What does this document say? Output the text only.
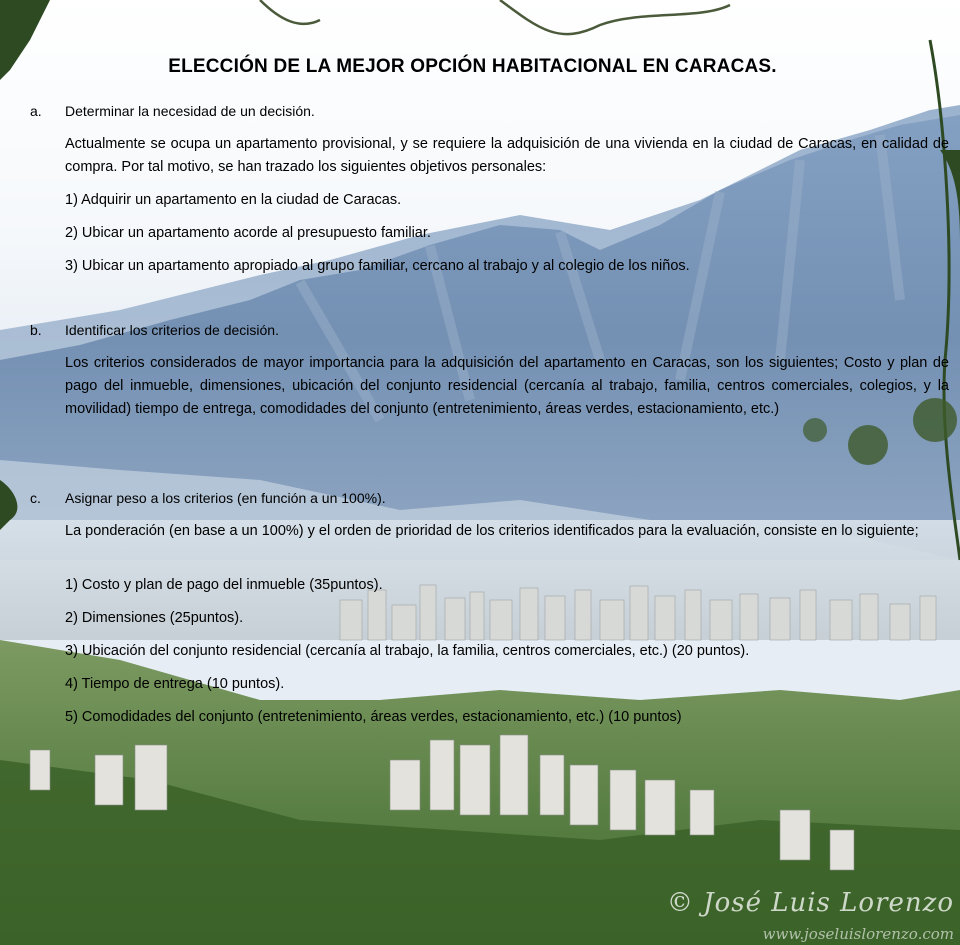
ELECCIÓN DE LA MEJOR OPCIÓN HABITACIONAL EN CARACAS.
a. Determinar la necesidad de un decisión.

Actualmente se ocupa un apartamento provisional, y se requiere la adquisición de una vivienda en la ciudad de Caracas, en calidad de compra. Por tal motivo, se han trazado los siguientes objetivos personales:

1) Adquirir un apartamento en la ciudad de Caracas.
2) Ubicar un apartamento acorde al presupuesto familiar.
3) Ubicar un apartamento apropiado al grupo familiar, cercano al trabajo y al colegio de los niños.
b. Identificar los criterios de decisión.

Los criterios considerados de mayor importancia para la adquisición del apartamento en Caracas, son los siguientes; Costo y plan de pago del inmueble, dimensiones, ubicación del conjunto residencial (cercanía al trabajo, familia, centros comerciales, colegios, y la movilidad) tiempo de entrega, comodidades del conjunto (entretenimiento, áreas verdes, estacionamiento, etc.)

c. Asignar peso a los criterios (en función a un 100%).

La ponderación (en base a un 100%) y el orden de prioridad de los criterios identificados para la evaluación, consiste en lo siguiente;

1) Costo y plan de pago del inmueble (35puntos).
2) Dimensiones (25puntos).
3) Ubicación del conjunto residencial (cercanía al trabajo, la familia, centros comerciales, etc.) (20 puntos).
4) Tiempo de entrega (10 puntos).
5) Comodidades del conjunto (entretenimiento, áreas verdes, estacionamiento, etc.) (10 puntos)
© José Luis Lorenzo
www.joseluislorenzo.com
